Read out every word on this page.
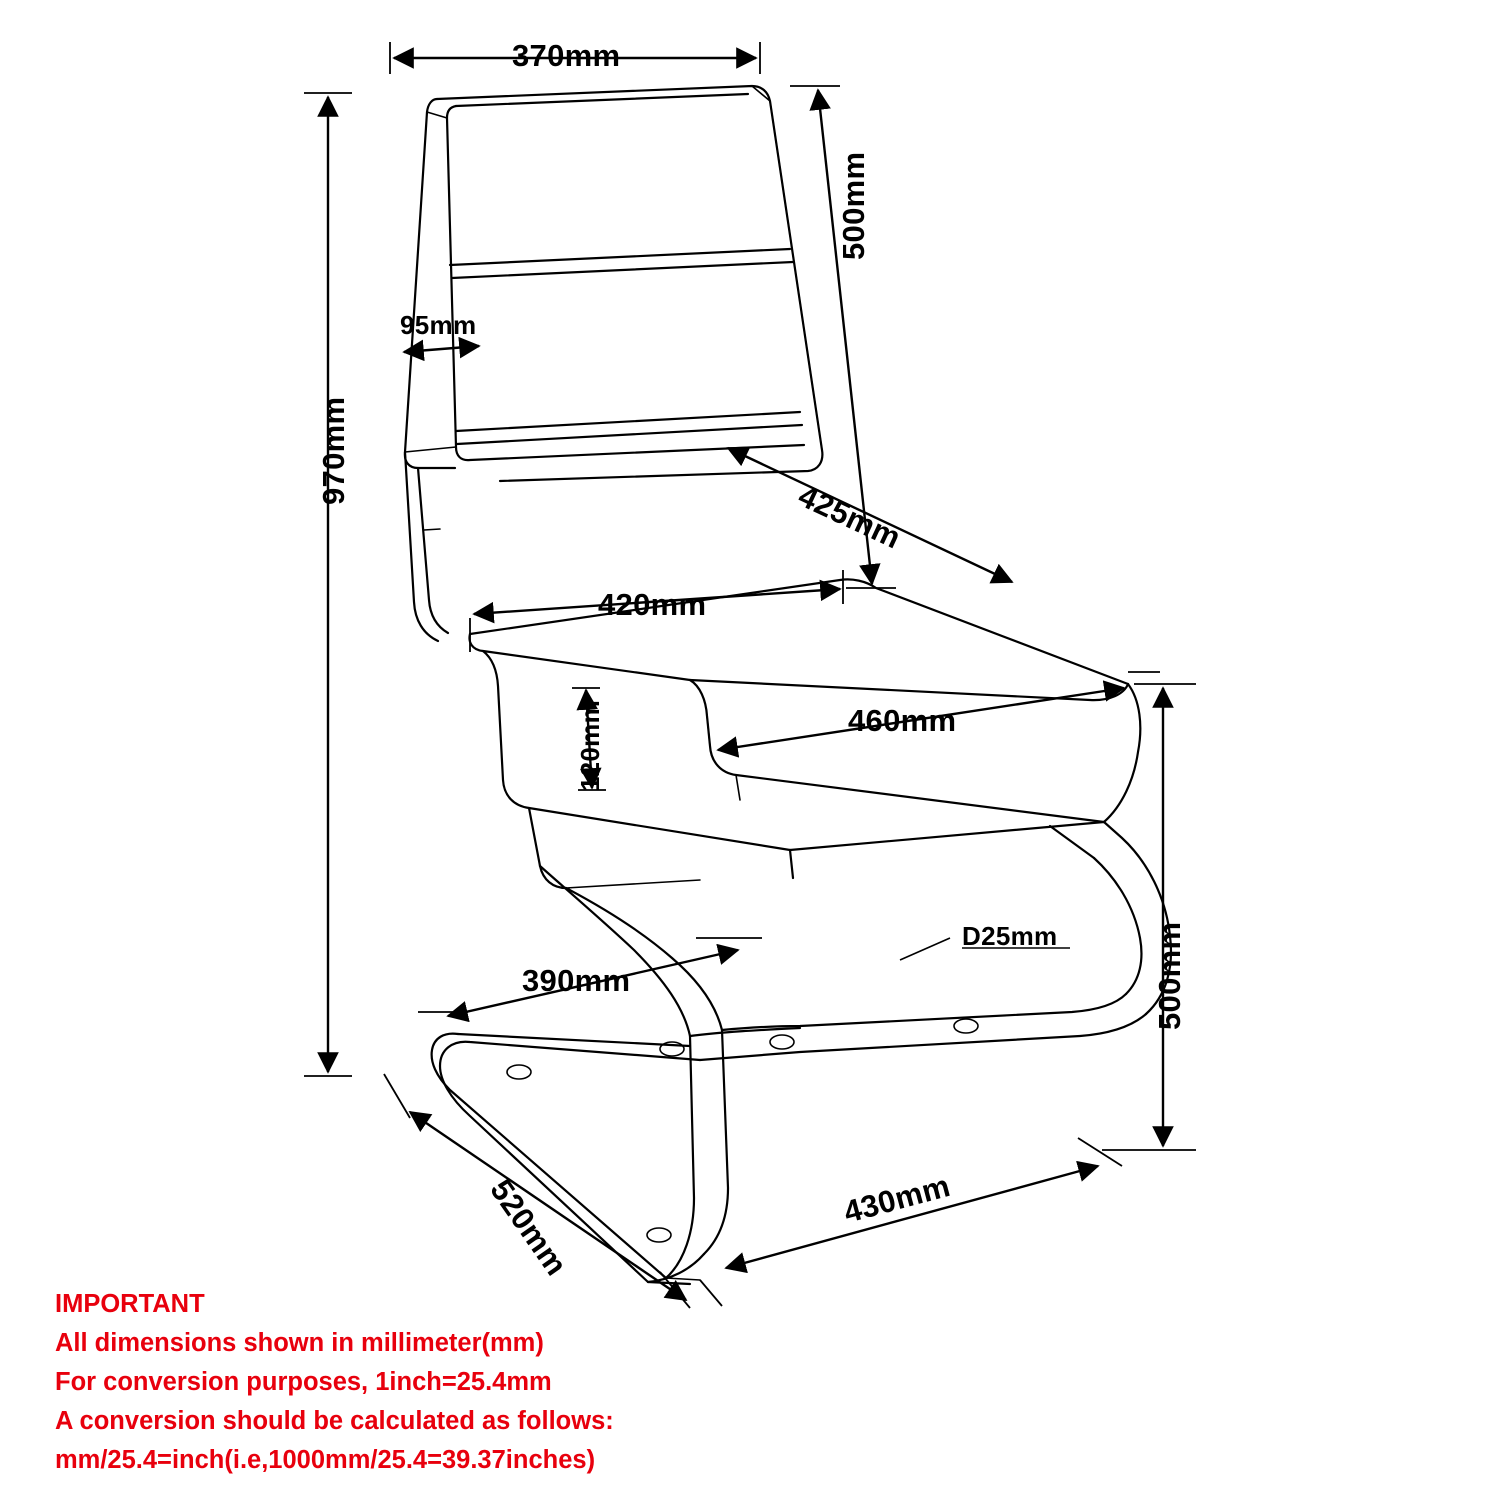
370mm
970mm
500mm
95mm
425mm
420mm
460mm
120mm
500mm
D25mm
390mm
520mm	430mm
IMPORTANT
All dimensions shown in millimeter(mm)
For conversion purposes, 1inch=25.4mm
A conversion should be calculated as follows:
mm/25.4=inch(i.e,1000mm/25.4=39.37inches)
